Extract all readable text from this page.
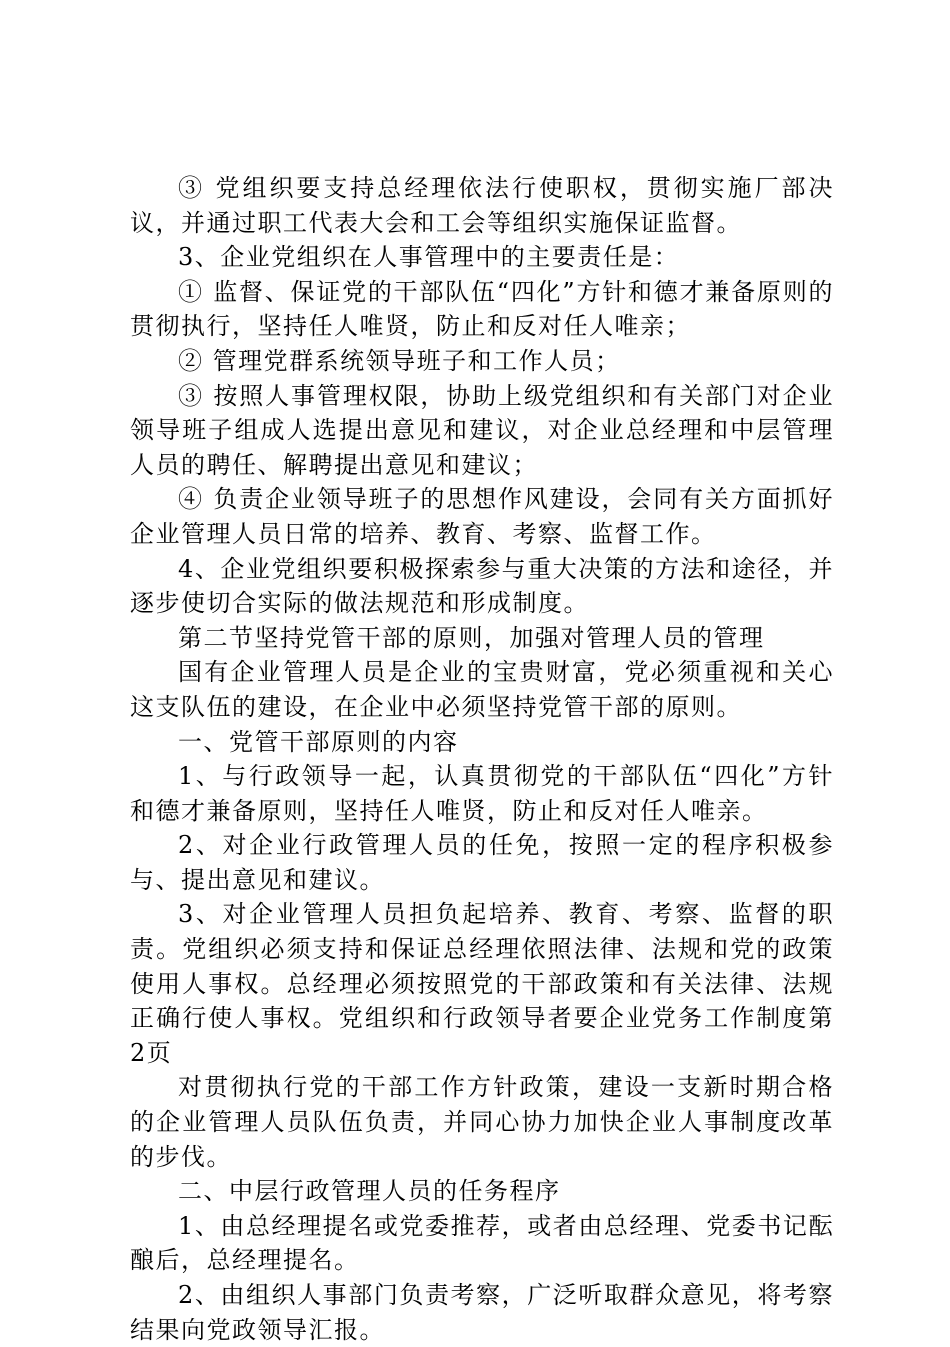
③ 党组织要支持总经理依法行使职权，贯彻实施厂部决议，并通过职工代表大会和工会等组织实施保证监督。

3、企业党组织在人事管理中的主要责任是：

① 监督、保证党的干部队伍“四化”方针和德才兼备原则的贯彻执行，坚持任人唯贤，防止和反对任人唯亲；

② 管理党群系统领导班子和工作人员；

③ 按照人事管理权限，协助上级党组织和有关部门对企业领导班子组成人选提出意见和建议，对企业总经理和中层管理人员的聘任、解聘提出意见和建议；

④ 负责企业领导班子的思想作风建设，会同有关方面抓好企业管理人员日常的培养、教育、考察、监督工作。

4、企业党组织要积极探索参与重大决策的方法和途径，并逐步使切合实际的做法规范和形成制度。

第二节坚持党管干部的原则，加强对管理人员的管理

国有企业管理人员是企业的宝贵财富，党必须重视和关心这支队伍的建设，在企业中必须坚持党管干部的原则。

一、党管干部原则的内容

1、与行政领导一起，认真贯彻党的干部队伍“四化”方针和德才兼备原则，坚持任人唯贤，防止和反对任人唯亲。

2、对企业行政管理人员的任免，按照一定的程序积极参与、提出意见和建议。

3、对企业管理人员担负起培养、教育、考察、监督的职责。党组织必须支持和保证总经理依照法律、法规和党的政策使用人事权。总经理必须按照党的干部政策和有关法律、法规正确行使人事权。党组织和行政领导者要企业党务工作制度第2页

对贯彻执行党的干部工作方针政策，建设一支新时期合格的企业管理人员队伍负责，并同心协力加快企业人事制度改革的步伐。

二、中层行政管理人员的任务程序

1、由总经理提名或党委推荐，或者由总经理、党委书记酝酿后，总经理提名。

2、由组织人事部门负责考察，广泛听取群众意见，将考察结果向党政领导汇报。
